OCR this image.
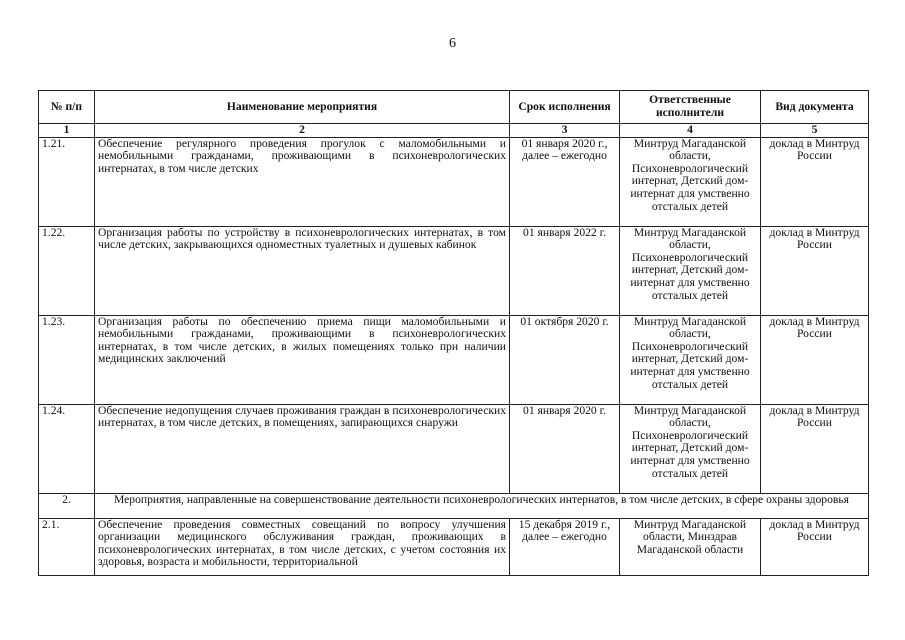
6
№ п/п	Наименование мероприятия	Срок исполнения	Ответственные исполнители	Вид документа
1	2	3	4	5
1.21.	Обеспечение регулярного проведения прогулок с маломобильными и немобильными гражданами, проживающими в психоневрологических интернатах, в том числе детских	01 января 2020 г., далее – ежегодно	Минтруд Магаданской области, Психоневрологический интернат, Детский дом-интернат для умственно отсталых детей	доклад в Минтруд России
1.22.	Организация работы по устройству в психоневрологических интернатах, в том числе детских, закрывающихся одноместных туалетных и душевых кабинок	01 января 2022 г.	Минтруд Магаданской области, Психоневрологический интернат, Детский дом-интернат для умственно отсталых детей	доклад в Минтруд России
1.23.	Организация работы по обеспечению приема пищи маломобильными и немобильными гражданами, проживающими в психоневрологических интернатах, в том числе детских, в жилых помещениях только при наличии медицинских заключений	01 октября 2020 г.	Минтруд Магаданской области, Психоневрологический интернат, Детский дом-интернат для умственно отсталых детей	доклад в Минтруд России
1.24.	Обеспечение недопущения случаев проживания граждан в психоневрологических интернатах, в том числе детских, в помещениях, запирающихся снаружи	01 января 2020 г.	Минтруд Магаданской области, Психоневрологический интернат, Детский дом-интернат для умственно отсталых детей	доклад в Минтруд России
2.	Мероприятия, направленные на совершенствование деятельности психоневрологических интернатов, в том числе детских, в сфере охраны здоровья			
2.1.	Обеспечение проведения совместных совещаний по вопросу улучшения организации медицинского обслуживания граждан, проживающих в психоневрологических интернатах, в том числе детских, с учетом состояния их здоровья, возраста и мобильности, территориальной	15 декабря 2019 г., далее – ежегодно	Минтруд Магаданской области, Минздрав Магаданской области	доклад в Минтруд России
